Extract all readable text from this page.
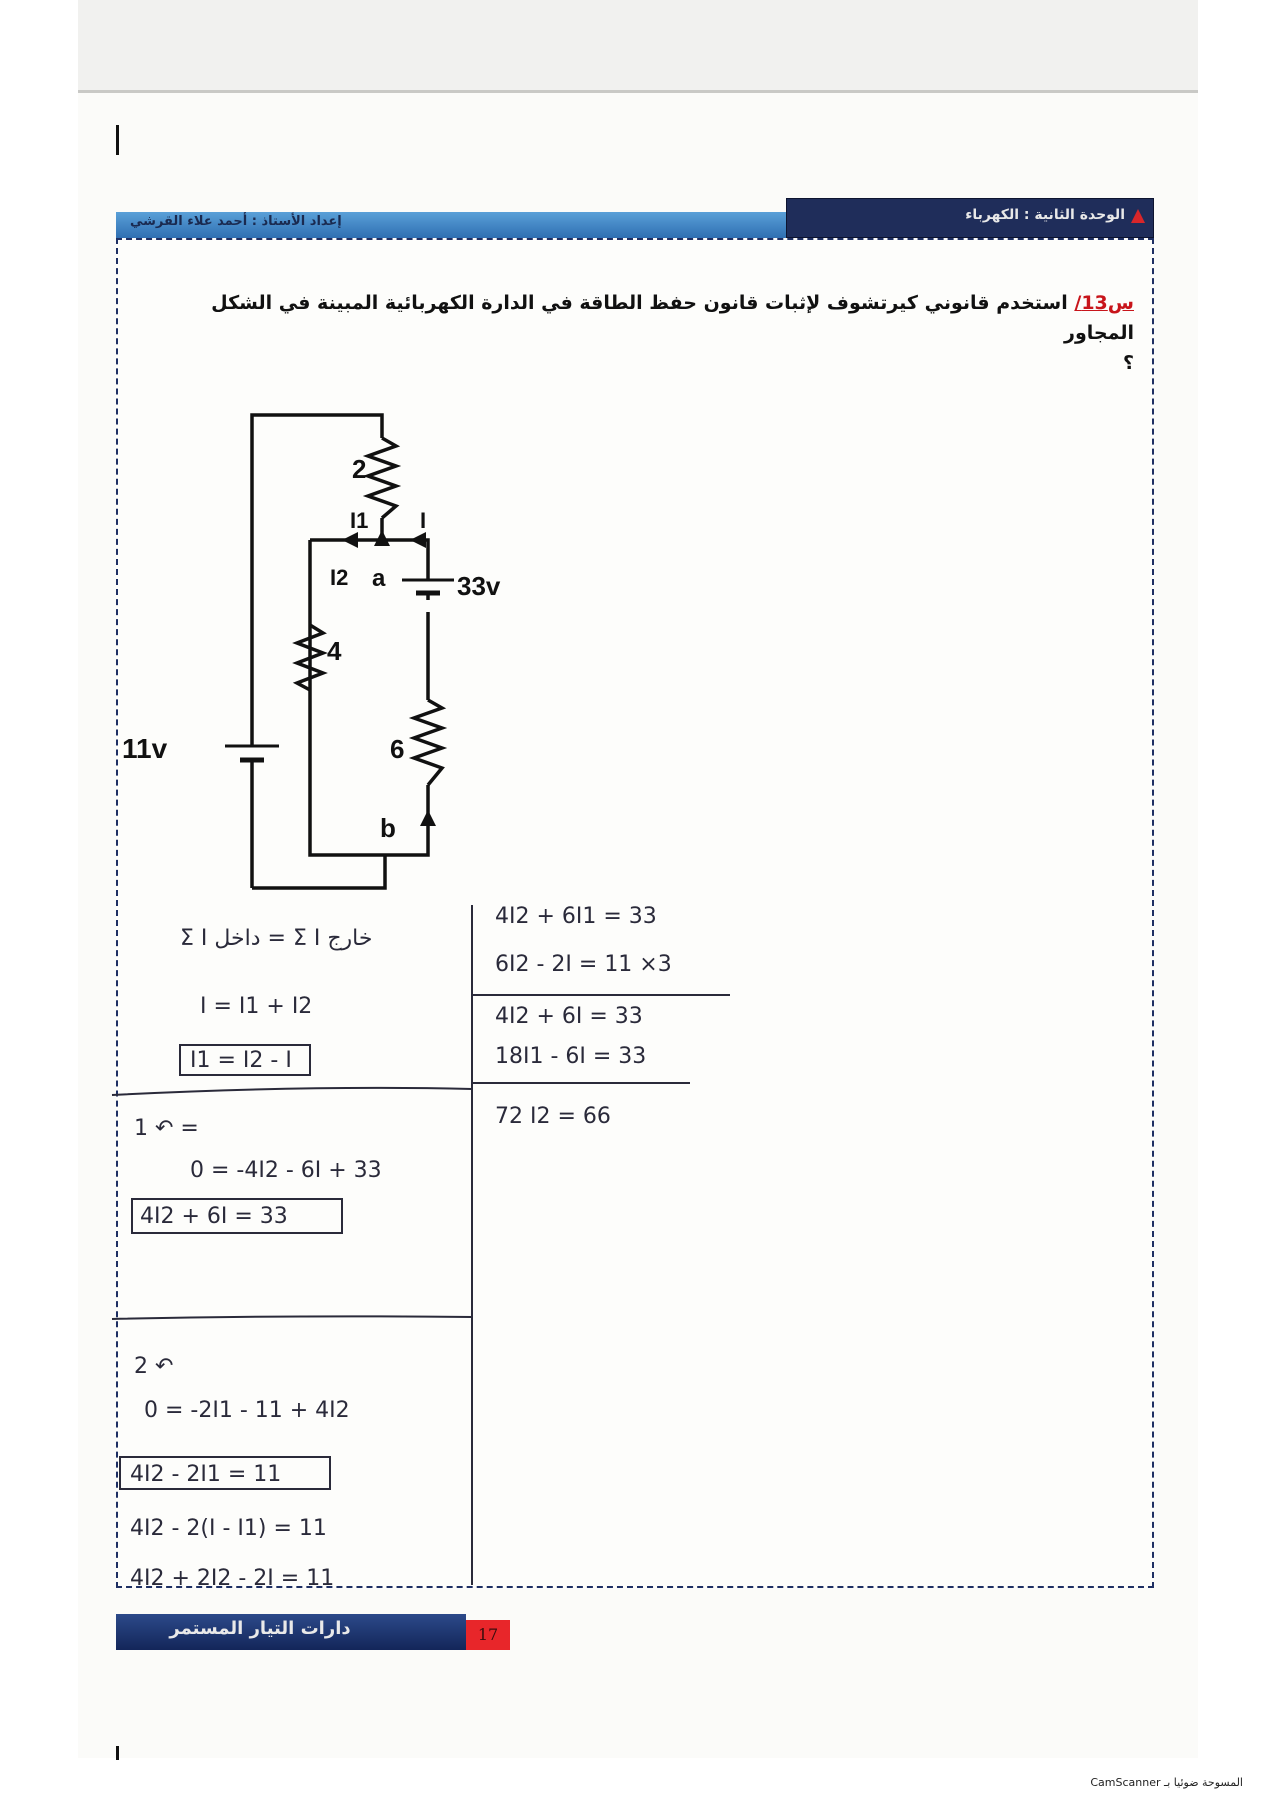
إعداد الأستاذ : أحمد علاء القرشي	الوحدة الثانية : الكهرباء
س13/ استخدم قانوني كيرتشوف لإثبات قانون حفظ الطاقة في الدارة الكهربائية المبينة في الشكل المجاور
؟
11v
33v
2
4
6
I1
I2
I
a
b
Σ I داخل = Σ I خارج
I = I1 + I2
I1 = I2 - I
1 ↶ =
0 = -4I2 - 6I + 33
4I2 + 6I = 33
2 ↶
0 = -2I1 - 11 + 4I2
4I2 - 2I1 = 11
4I2 - 2(I - I1) = 11
4I2 + 2I2 - 2I = 11
4I2 + 6I1 = 33
6I2 - 2I = 11 ×3
4I2 + 6I = 33
18I1 - 6I = 33
72 I2 = 66
دارات التيار المستمر	17
المسوحة ضوئيا بـ CamScanner
